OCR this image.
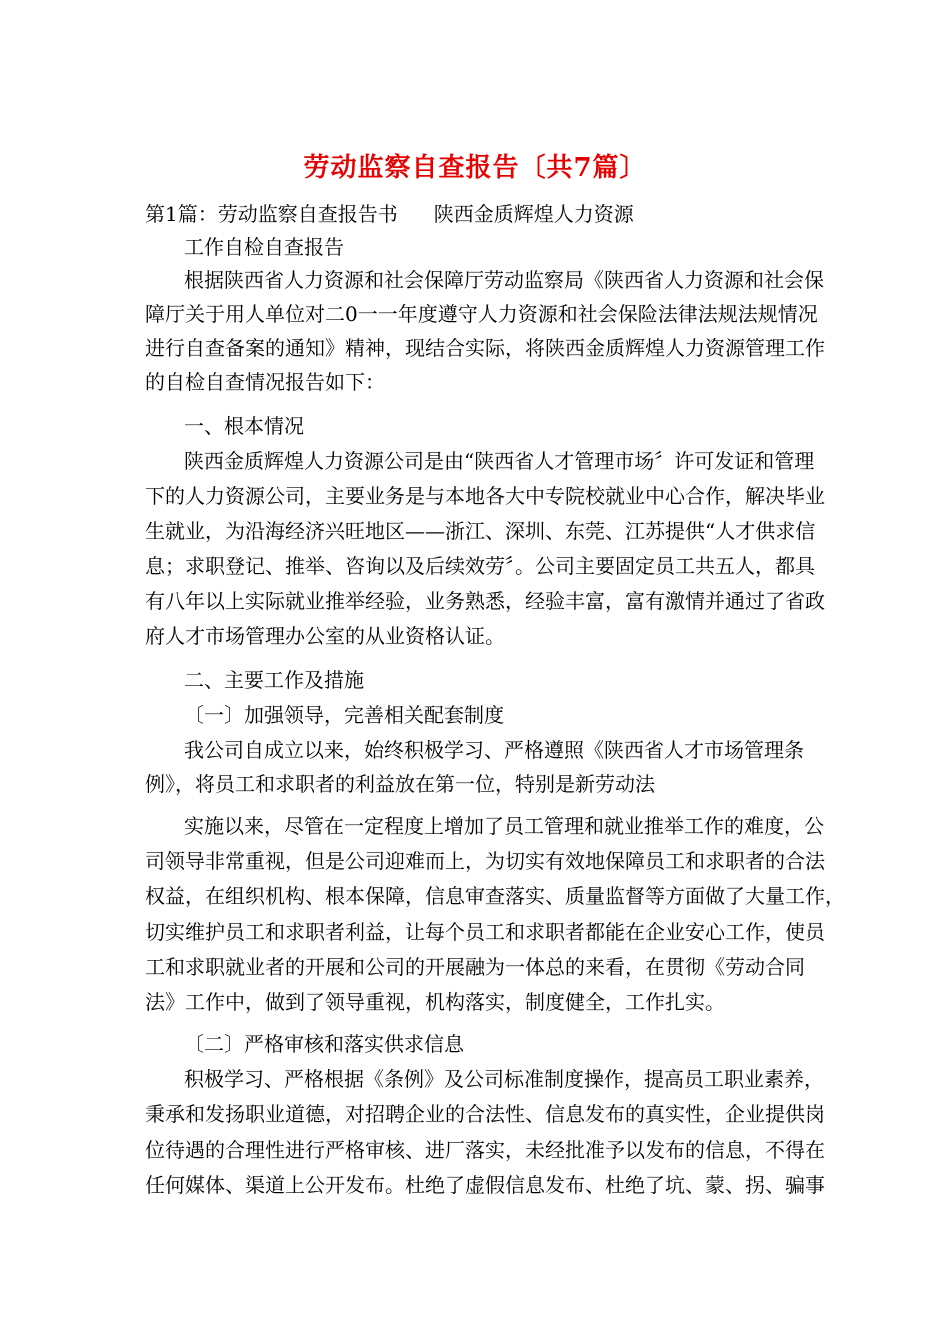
劳动监察自查报告〔共7篇〕
第1篇：劳动监察自查报告书 陕西金质辉煌人力资源
工作自检自查报告
根据陕西省人力资源和社会保障厅劳动监察局《陕西省人力资源和社会保
障厅关于用人单位对二0一一年度遵守人力资源和社会保险法律法规法规情况
进行自查备案的通知》精神，现结合实际，将陕西金质辉煌人力资源管理工作
的自检自查情况报告如下：
一、根本情况
陕西金质辉煌人力资源公司是由“陕西省人才管理市场〞许可发证和管理
下的人力资源公司，主要业务是与本地各大中专院校就业中心合作，解决毕业
生就业，为沿海经济兴旺地区——浙江、深圳、东莞、江苏提供“人才供求信
息；求职登记、推举、咨询以及后续效劳〞。公司主要固定员工共五人，都具
有八年以上实际就业推举经验，业务熟悉，经验丰富，富有激情并通过了省政
府人才市场管理办公室的从业资格认证。
二、主要工作及措施
〔一〕加强领导，完善相关配套制度
我公司自成立以来，始终积极学习、严格遵照《陕西省人才市场管理条
例》，将员工和求职者的利益放在第一位，特别是新劳动法
实施以来，尽管在一定程度上增加了员工管理和就业推举工作的难度，公
司领导非常重视，但是公司迎难而上，为切实有效地保障员工和求职者的合法
权益，在组织机构、根本保障，信息审查落实、质量监督等方面做了大量工作，
切实维护员工和求职者利益，让每个员工和求职者都能在企业安心工作，使员
工和求职就业者的开展和公司的开展融为一体总的来看，在贯彻《劳动合同
法》工作中，做到了领导重视，机构落实，制度健全，工作扎实。
〔二〕严格审核和落实供求信息
积极学习、严格根据《条例》及公司标准制度操作，提高员工职业素养，
秉承和发扬职业道德，对招聘企业的合法性、信息发布的真实性，企业提供岗
位待遇的合理性进行严格审核、进厂落实，未经批准予以发布的信息，不得在
任何媒体、渠道上公开发布。杜绝了虚假信息发布、杜绝了坑、蒙、拐、骗事
